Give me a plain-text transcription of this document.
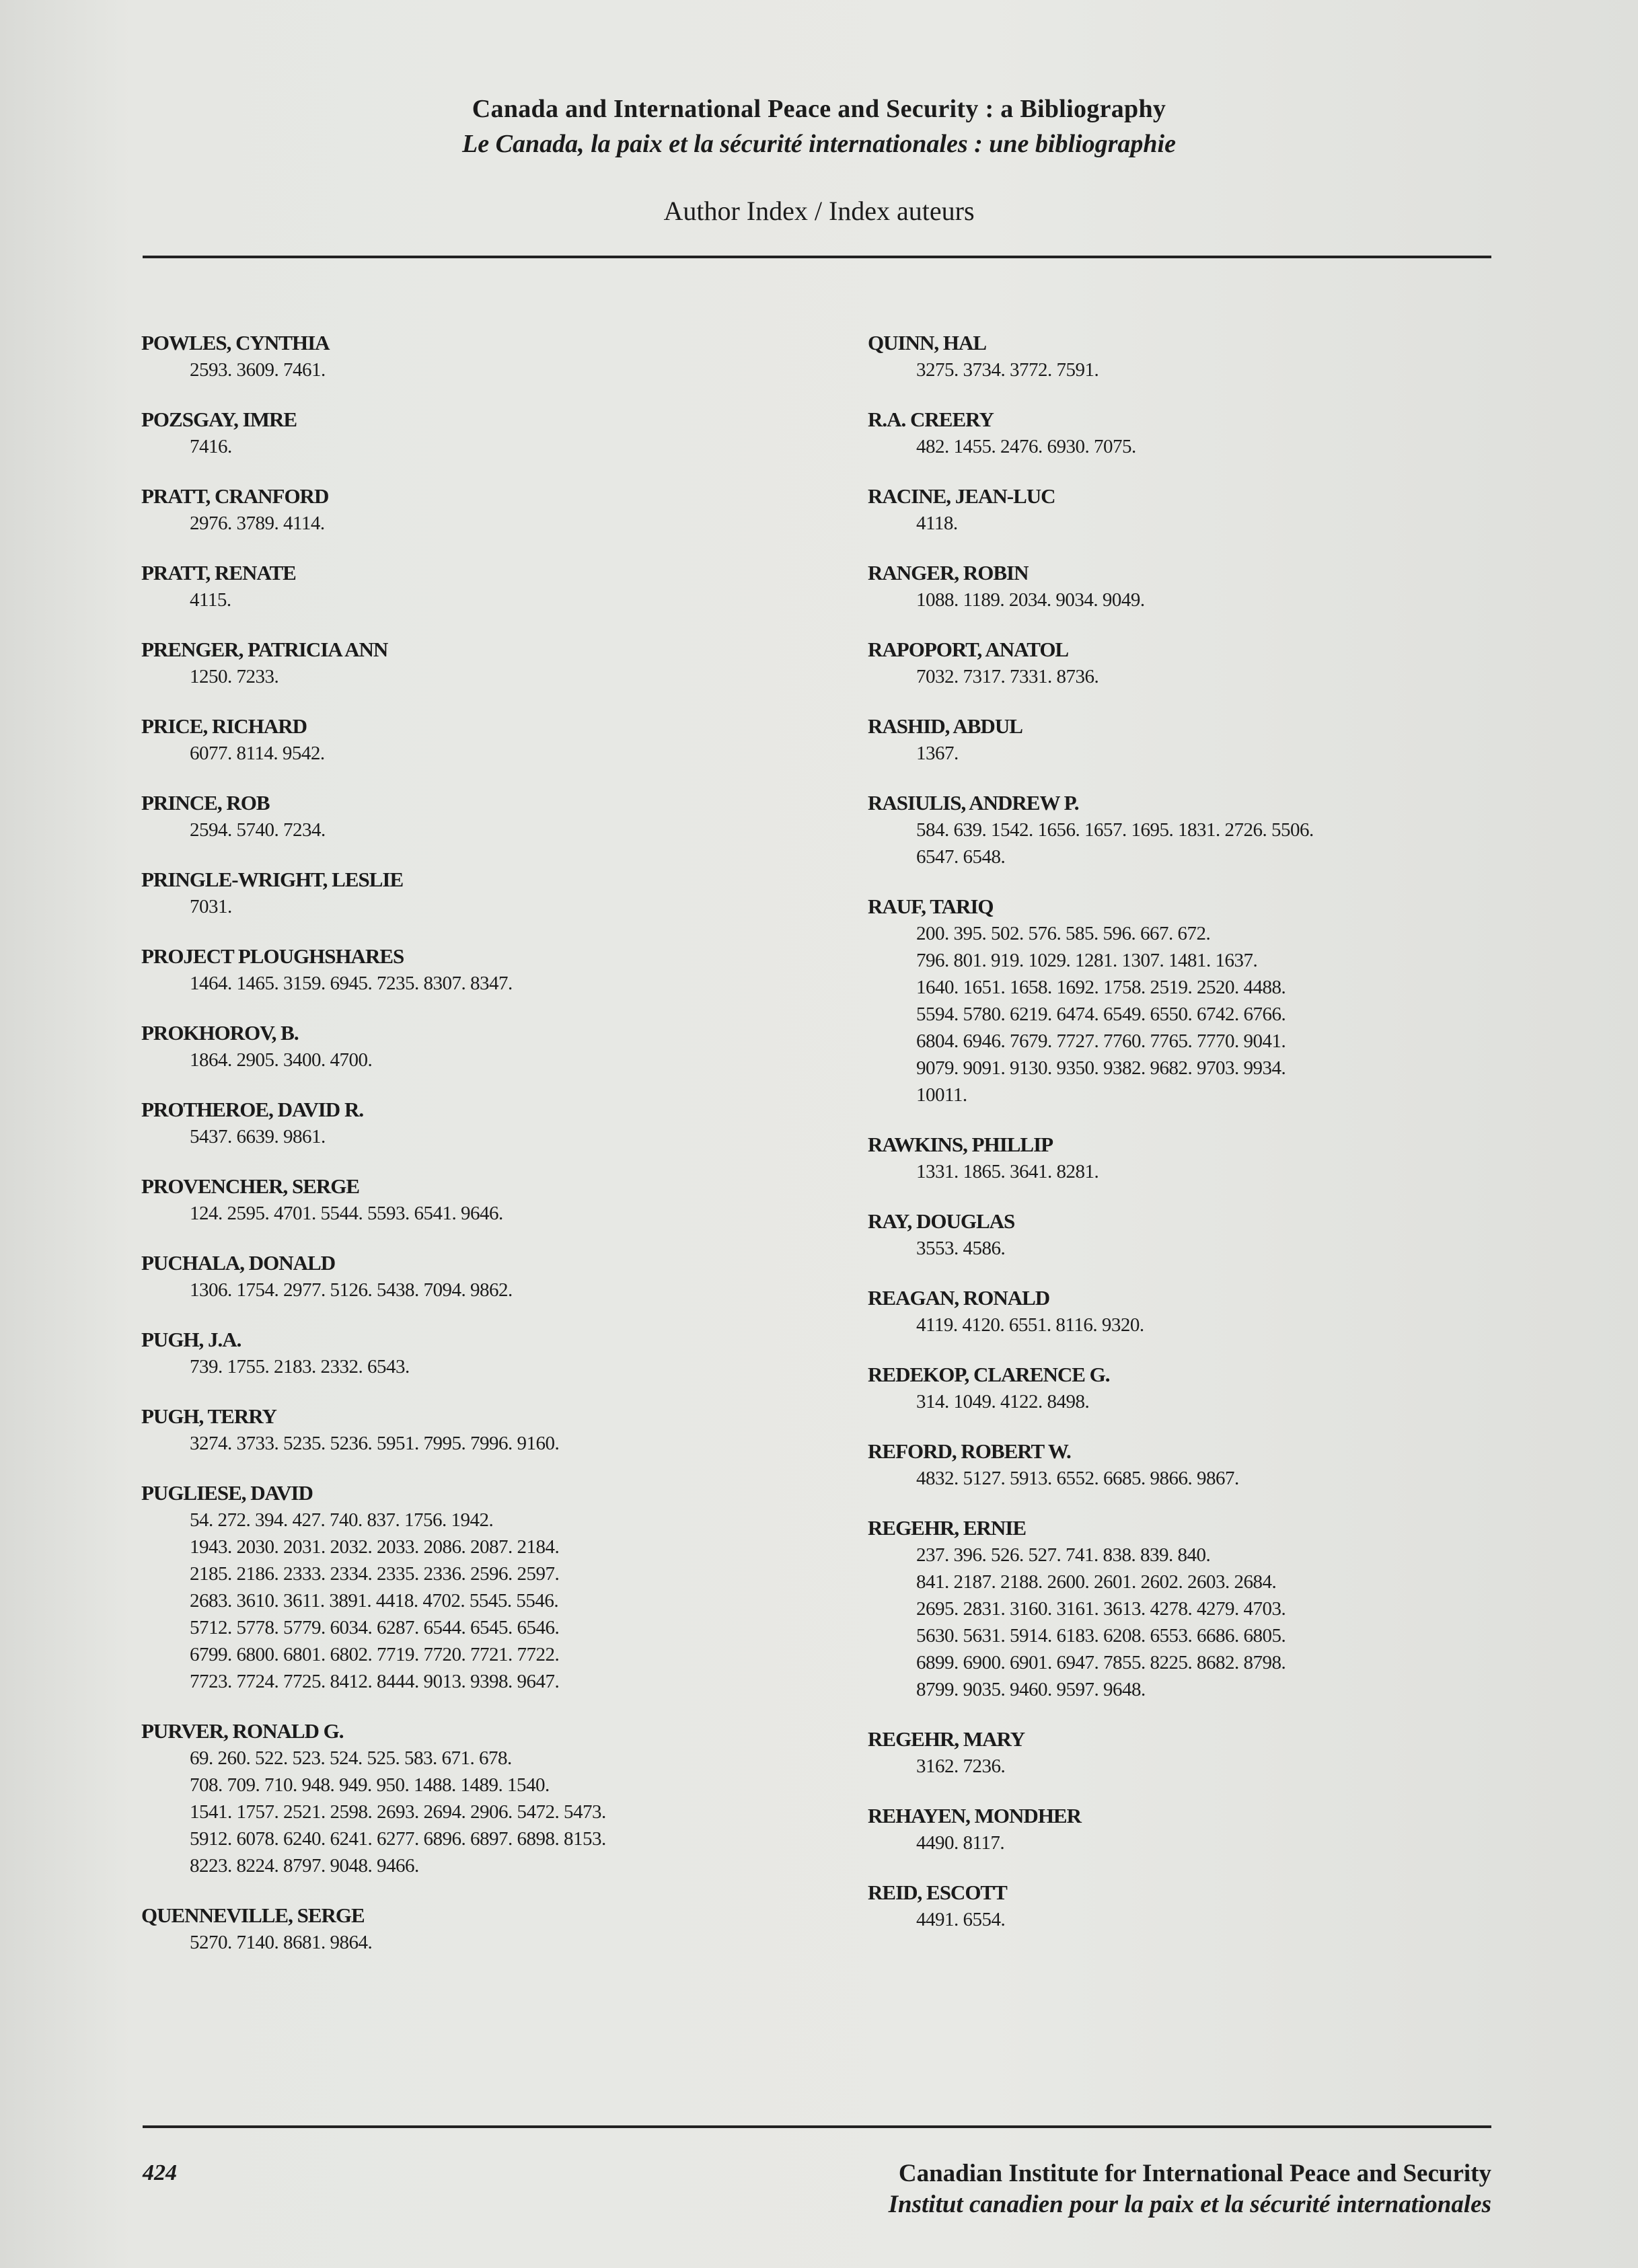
Canada and International Peace and Security : a Bibliography
Le Canada, la paix et la sécurité internationales : une bibliographie
Author Index / Index auteurs
POWLES, CYNTHIA
2593. 3609. 7461.
POZSGAY, IMRE
7416.
PRATT, CRANFORD
2976. 3789. 4114.
PRATT, RENATE
4115.
PRENGER, PATRICIA ANN
1250. 7233.
PRICE, RICHARD
6077. 8114. 9542.
PRINCE, ROB
2594. 5740. 7234.
PRINGLE-WRIGHT, LESLIE
7031.
PROJECT PLOUGHSHARES
1464. 1465. 3159. 6945. 7235. 8307. 8347.
PROKHOROV, B.
1864. 2905. 3400. 4700.
PROTHEROE, DAVID R.
5437. 6639. 9861.
PROVENCHER, SERGE
124. 2595. 4701. 5544. 5593. 6541. 9646.
PUCHALA, DONALD
1306. 1754. 2977. 5126. 5438. 7094. 9862.
PUGH, J.A.
739. 1755. 2183. 2332. 6543.
PUGH, TERRY
3274. 3733. 5235. 5236. 5951. 7995. 7996. 9160.
PUGLIESE, DAVID
54. 272. 394. 427. 740. 837. 1756. 1942.
1943. 2030. 2031. 2032. 2033. 2086. 2087. 2184.
2185. 2186. 2333. 2334. 2335. 2336. 2596. 2597.
2683. 3610. 3611. 3891. 4418. 4702. 5545. 5546.
5712. 5778. 5779. 6034. 6287. 6544. 6545. 6546.
6799. 6800. 6801. 6802. 7719. 7720. 7721. 7722.
7723. 7724. 7725. 8412. 8444. 9013. 9398. 9647.
PURVER, RONALD G.
69. 260. 522. 523. 524. 525. 583. 671. 678.
708. 709. 710. 948. 949. 950. 1488. 1489. 1540.
1541. 1757. 2521. 2598. 2693. 2694. 2906. 5472. 5473.
5912. 6078. 6240. 6241. 6277. 6896. 6897. 6898. 8153.
8223. 8224. 8797. 9048. 9466.
QUENNEVILLE, SERGE
5270. 7140. 8681. 9864.
QUINN, HAL
3275. 3734. 3772. 7591.
R.A. CREERY
482. 1455. 2476. 6930. 7075.
RACINE, JEAN-LUC
4118.
RANGER, ROBIN
1088. 1189. 2034. 9034. 9049.
RAPOPORT, ANATOL
7032. 7317. 7331. 8736.
RASHID, ABDUL
1367.
RASIULIS, ANDREW P.
584. 639. 1542. 1656. 1657. 1695. 1831. 2726. 5506.
6547. 6548.
RAUF, TARIQ
200. 395. 502. 576. 585. 596. 667. 672.
796. 801. 919. 1029. 1281. 1307. 1481. 1637.
1640. 1651. 1658. 1692. 1758. 2519. 2520. 4488.
5594. 5780. 6219. 6474. 6549. 6550. 6742. 6766.
6804. 6946. 7679. 7727. 7760. 7765. 7770. 9041.
9079. 9091. 9130. 9350. 9382. 9682. 9703. 9934.
10011.
RAWKINS, PHILLIP
1331. 1865. 3641. 8281.
RAY, DOUGLAS
3553. 4586.
REAGAN, RONALD
4119. 4120. 6551. 8116. 9320.
REDEKOP, CLARENCE G.
314. 1049. 4122. 8498.
REFORD, ROBERT W.
4832. 5127. 5913. 6552. 6685. 9866. 9867.
REGEHR, ERNIE
237. 396. 526. 527. 741. 838. 839. 840.
841. 2187. 2188. 2600. 2601. 2602. 2603. 2684.
2695. 2831. 3160. 3161. 3613. 4278. 4279. 4703.
5630. 5631. 5914. 6183. 6208. 6553. 6686. 6805.
6899. 6900. 6901. 6947. 7855. 8225. 8682. 8798.
8799. 9035. 9460. 9597. 9648.
REGEHR, MARY
3162. 7236.
REHAYEN, MONDHER
4490. 8117.
REID, ESCOTT
4491. 6554.
424	Canadian Institute for International Peace and Security
Institut canadien pour la paix et la sécurité internationales
